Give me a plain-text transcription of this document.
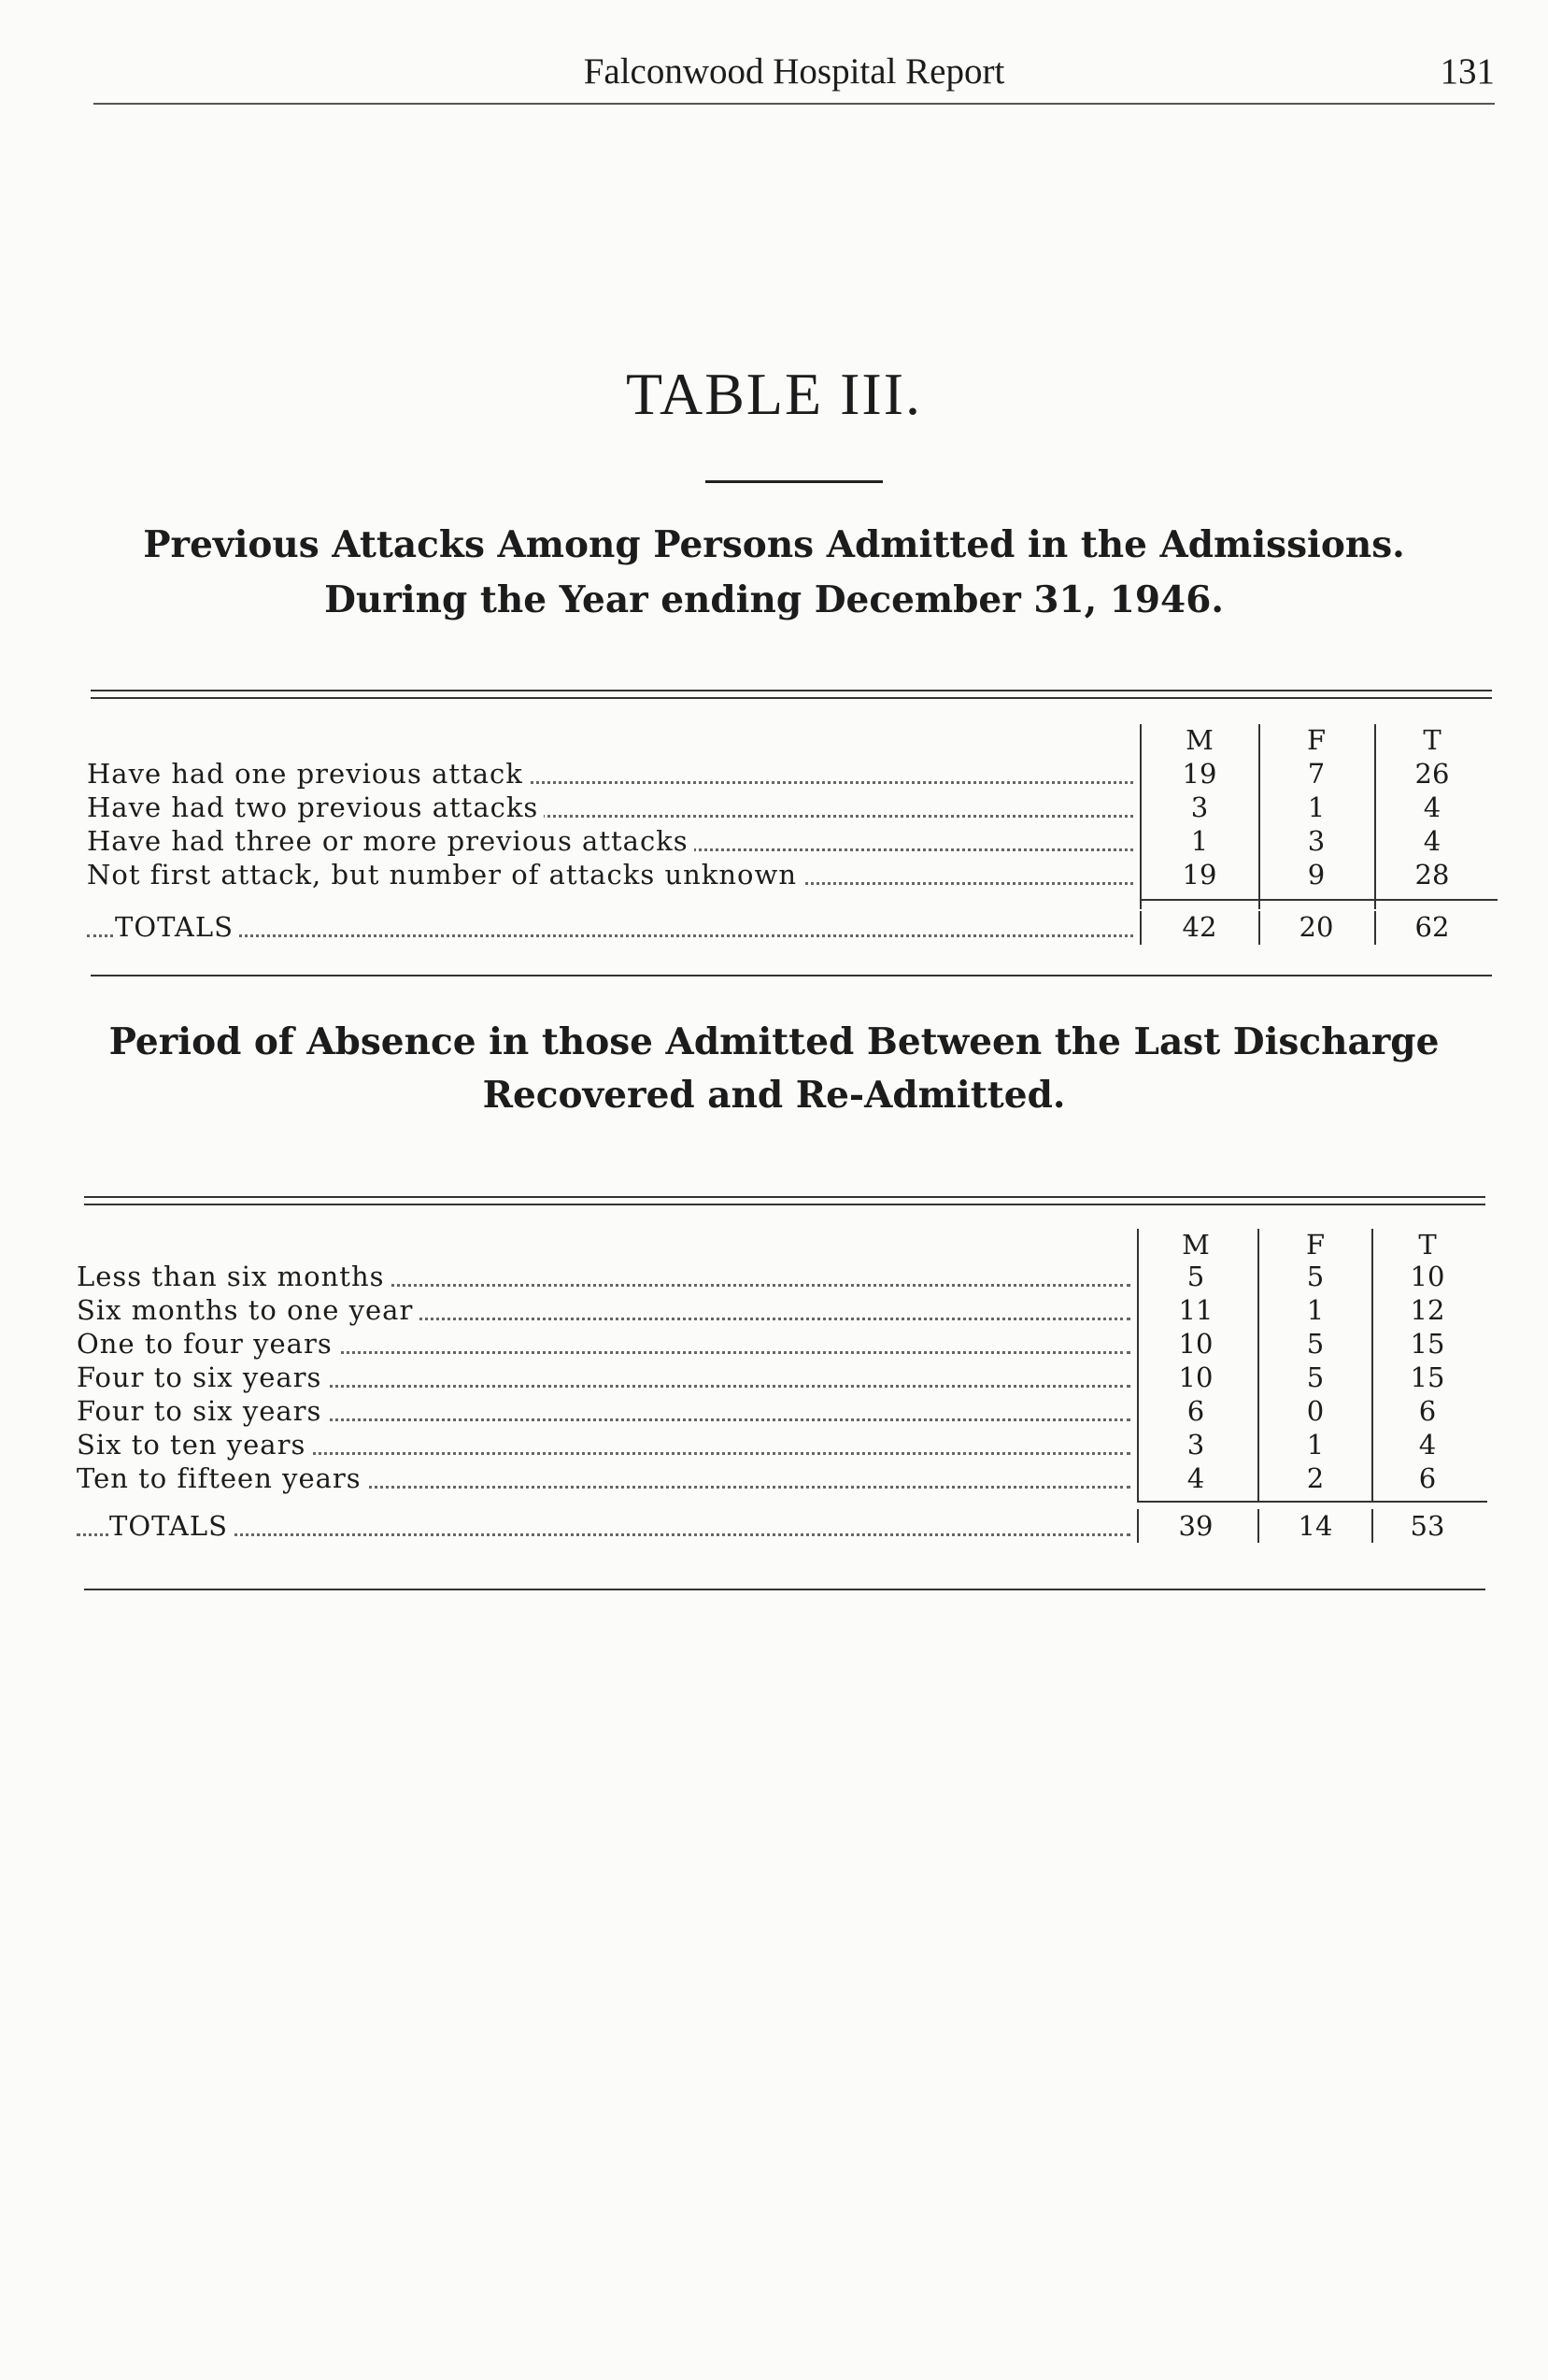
Falconwood Hospital Report	131
TABLE III.
Previous Attacks Among Persons Admitted in the Admissions.
During the Year ending December 31, 1946.
M	F	T
Have had one previous attack	19	7	26
Have had two previous attacks	3	1	4
Have had three or more previous attacks	1	3	4
Not first attack, but number of attacks unknown	19	9	28
TOTALS	42	20	62
Period of Absence in those Admitted Between the Last Discharge
Recovered and Re-Admitted.
M	F	T
Less than six months	5	5	10
Six months to one year	11	1	12
One to four years	10	5	15
Four to six years	10	5	15
Four to six years	6	0	6
Six to ten years	3	1	4
Ten to fifteen years	4	2	6
TOTALS	39	14	53
